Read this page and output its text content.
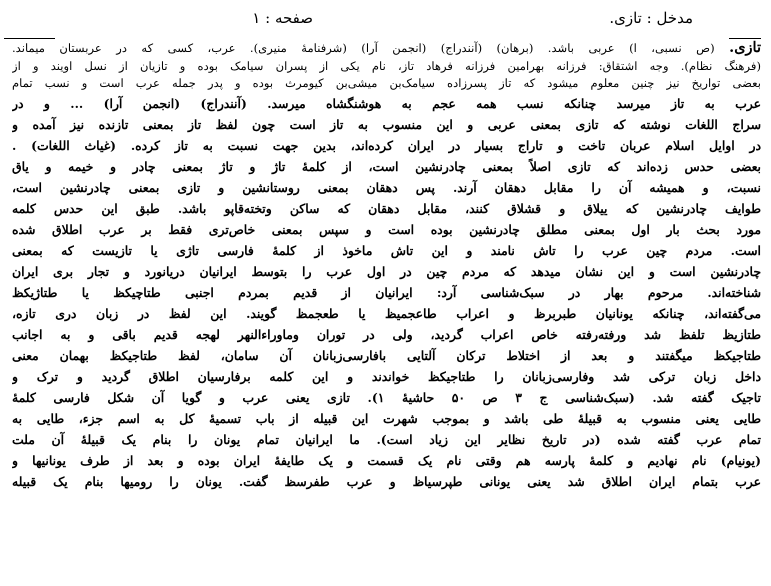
مدخل : تازی.
صفحه : ۱
تازی. (ص نسبی، ا) عربی باشد. (برهان) (آنندراج) (انجمن آرا) (شرفنامهٔ منیری). عرب، کسی که در عربستان میماند.
(فرهنگ نظام). وجه اشتقاق: فرزانه بهرامین فرزانه فرهاد تاز، نام یکی از پسران سیامک بوده و تازیان از نسل اویند و از
بعضی تواریخ نیز چنین معلوم میشود که تاز پسرزاده سیامک‌بن میشی‌بن کیومرث بوده و پدر جمله عرب است و نسب تمام
عرب به تاز میرسد چنانکه نسب همه عجم به هوشنگشاه میرسد. (آنندراج) (انجمن آرا) ... و در
سراج اللغات نوشته که تازی بمعنی عربی و این منسوب به تاز است چون لفظ تاز بمعنی تازنده نیز آمده و
در اوایل اسلام عربان تاخت و تاراج بسیار در ایران کرده‌اند، بدین جهت نسبت به تاز کرده. (غیاث اللغات) .
بعضی حدس زده‌اند که تازی اصلاً بمعنی چادرنشین است، از کلمهٔ تاژ و تاژ بمعنی چادر و خیمه و یاق
نسبت، و همیشه آن را مقابل دهقان آرند. پس دهقان بمعنی روستانشین و تازی بمعنی چادرنشین است،
طوایف چادرنشین که ییلاق و قشلاق کنند، مقابل دهقان که ساکن وتخته‌قاپو باشد. طبق این حدس کلمه
مورد بحث بار اول بمعنی مطلق چادرنشین بوده است و سپس بمعنی خاص‌تری فقط بر عرب اطلاق شده
است. مردم چین عرب را تاش نامند و این تاش ماخوذ از کلمهٔ فارسی تاژی یا تازیست که بمعنی
چادرنشین است و این نشان میدهد که مردم چین در اول عرب را بتوسط ایرانیان دریانورد و تجار بری ایران
شناخته‌اند. مرحوم بهار در سبک‌شناسی آرد: ایرانیان از قدیم بمردم اجنبی طتاچیکظ یا طتاژیکظ
می‌گفته‌اند، چنانکه یونانیان طبربرظ و اعراب طاعجمیظ یا طعجمظ گویند. این لفظ در زبان دری تازه،
طتازیظ تلفظ شد ورفته‌رفته خاص اعراب گردید، ولی در توران وماوراءالنهر لهجه قدیم باقی و به اجانب
طتاجیکظ میگفتند و بعد از اختلاط ترکان آلتایی بافارسی‌زبانان آن سامان، لفظ طتاجیکظ بهمان معنی
داخل زبان ترکی شد وفارسی‌زبانان را طتاجیکظ خواندند و این کلمه برفارسیان اطلاق گردید و ترک و
تاجیک گفته شد. (سبک‌شناسی ج ۳ ص ۵۰ حاشیهٔ ۱). تازی یعنی عرب و گویا آن شکل فارسی کلمهٔ
طایی یعنی منسوب به قبیلهٔ طی باشد و بموجب شهرت این قبیله از باب تسمیهٔ کل به اسم جزء، طایی به
تمام عرب گفته شده (در تاریخ نظایر این زیاد است). ما ایرانیان تمام یونان را بنام یک قبیلهٔ آن ملت
(یونیام) نام نهادیم و کلمهٔ پارسه هم وقتی نام یک قسمت و یک طایفهٔ ایران بوده و بعد از طرف یونانیها و
عرب بتمام ایران اطلاق شد یعنی یونانی طپرسیاظ و عرب طفرسظ گفت. یونان را رومیها بنام یک قبیله
